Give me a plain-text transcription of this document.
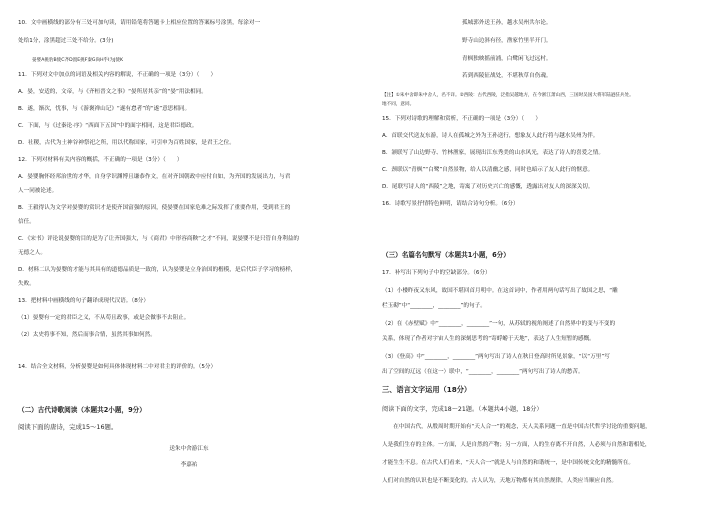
10．文中画横线的部分有三处可加句读，请用铅笔将答题卡上相应位置的答案标号涂黑，每涂对一
处给1分，涂黑超过三处不给分。(3分)
晏婴A挑豹B使C齐D置E挑F秦G尚H乎I为J使K
11．下列对文中加点的词语及相关内容的解说，不正确的一项是（3分）（　　）
A．晏，安适的，文帝，与《齐桓晋文之事》“晏所居其亲”的“晏”用法相同。
B．遂，渐次，忧事，与《游褒禅山记》“遂有怠者”的“遂”意思相同。
C．下面，与《过秦论·序》“西面下五国”中的面字相同，这是君臣德政。
D．社稷，古代为土神谷神祭祀之所，用以代称国家，可引申为百姓国家，是君王之位。
12．下列对材料有关内容的概括，不正确的一项是（3分）（　　）
A．晏婴胸怀经邦治世的才华，自身学识渊博且谦恭作文，在对齐国朝政中应付自如，为齐国的发展出力，与君
人一同被论述。
B．王毅得认为文学对晏婴的赏识才是使齐国富强的原因，使晏婴在国家危难之际发挥了重要作用，受到君王的
信任。
C．《宋书》评论说晏婴的目的是为了让齐国强大，与《商君》中形容商鞅“之才”不同，说晏婴不是只管自身利益的
无德之人。
D．材料二认为晏婴的才能与其具有的道德品质是一致的，认为晏婴是立身治国的楷模，是后代臣子学习的榜样，
失败。
13．把材料中画横线的句子翻译成现代汉语。（8分）
（1）晏婴有一定的君臣之义，不从苟且政事，或是会做事不去阻止。
（2）太史将事不知，然后而事合情，虽然其事如何然。
14．结合全文材料，分析晏婴是如何具体体现材料二中对君主的评价的。（5分）
（二）古代诗歌阅读（本题共2小题，9分）
阅读下面的唐诗，完成15～16题。
送朱中舍游江东
李嘉祐
孤城郭外送王孙，越水吴州共尔论。
野寺山边斜有径，渔家竹里半开门。
青枫独映摇前浦，白鹭闲飞过远村。
若到西陵征战处，不堪秋草自伤魂。
【注】①朱中舍即朱中舍人，名不详。②西陵：古代西陵，泛指吴越地方，在今浙江萧山西，三国时吴国大将军陆逊驻兵处。
地不同，意同。
15．下列对诗歌的理解和赏析，不正确的一项是（3分）（　　）
A．首联交代送友东游，诗人在孤城之外为王孙送行，想象友人此行将与越水吴州为伴。
B．颔联写了山边野寺、竹林渔家，展现出江东秀美的山水风光，表达了诗人的喜爱之情。
C．颈联以“青枫”“白鹭”自然景物，给人以清幽之感，同时也暗示了友人此行的惬意。
D．尾联写诗人的“西陵”之地，寄寓了对历史兴亡的感慨，透露出对友人的深深关切。
16．诗歌写景抒情特色鲜明，请结合诗句分析。（6分）
（三）名篇名句默写（本题共1小题，6分）
17．补写出下列句子中的空缺部分。（6分）
（1）小楼昨夜又东风，故国不堪回首月明中。在这首词中，作者用两句话写出了故国之思，“雕
栏玉砌”中“________，________”的句子。
（2）在《赤壁赋》中“________，________”一句，从苏轼的视角阐述了自然界中的变与不变的
关系，体现了作者对宇宙人生的深刻思考的“寄蜉蝣于天地”，表达了人生短暂的感慨。
（3）《登高》中“________，________”两句写出了诗人在秋日登高时所见景象，“以“万里”写
出了空间的辽远（在这一）联中，“________，________”两句写出了诗人的愁苦。
三、语言文字运用（18分）
阅读下面的文字，完成18～21题。（本题共4小题，18分）
　　在中国古代，从殷周时期开始有“天人合一”的观念，天人关系问题一直是中国古代哲学讨论的重要问题，
人是我们生存的主体。一方面，人是自然的产物；另一方面，人的生存离不开自然，人必须与自然和谐相处，
才能生生不息。在古代人们看来，“天人合一”就是人与自然的和谐统一，是中国传统文化的精髓所在。
人们对自然的认识也是不断变化的。古人认为，天地万物都有其自然规律，人类应当顺应自然。
